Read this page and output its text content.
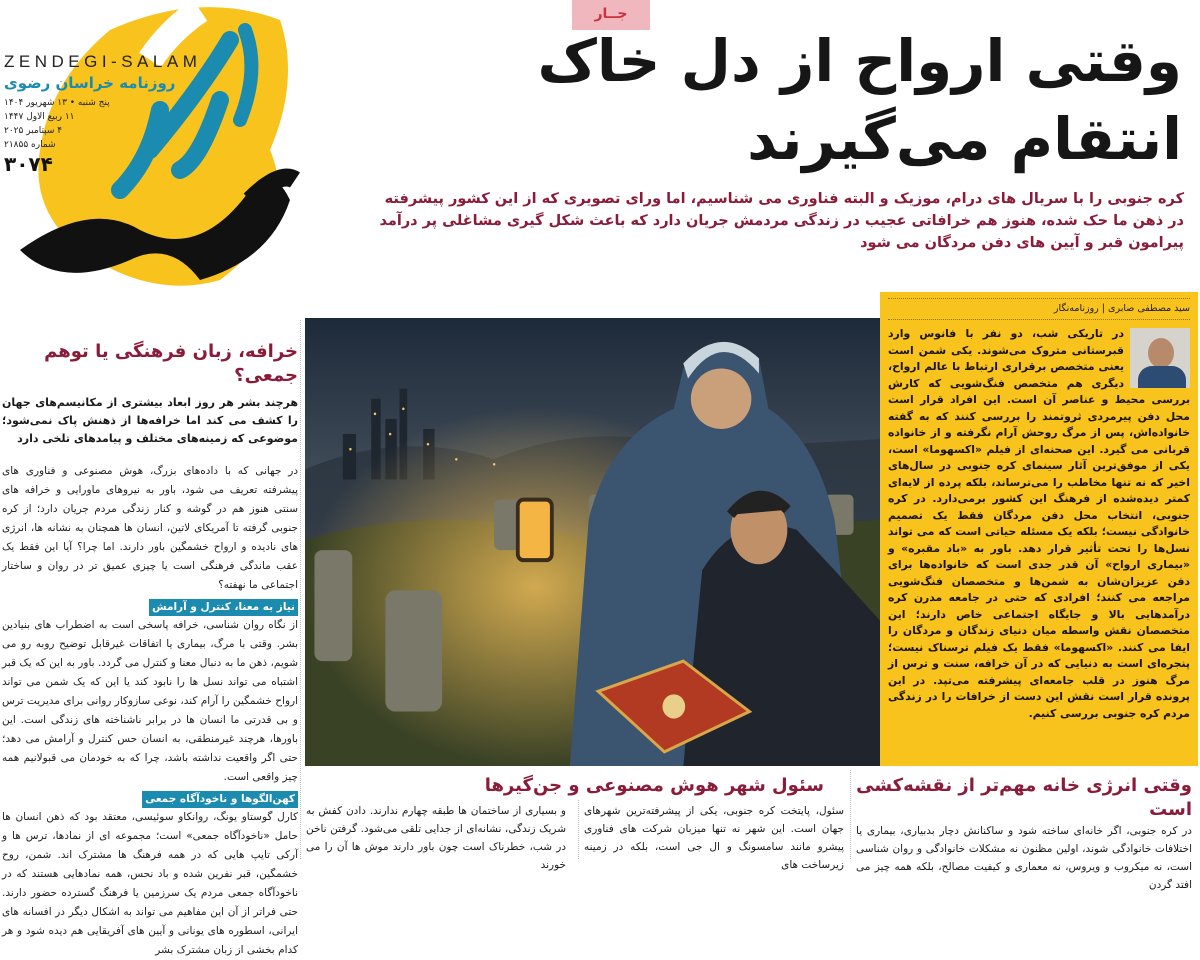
ZENDEGI-SALAM
روزنامه خراسان رضوی
پنج شنبه • ۱۳ شهریور ۱۴۰۴
۱۱ ربیع الاول ۱۴۴۷
۴ سپتامبر ۲۰۲۵
شماره ۲۱۸۵۵
۳۰۷۴
جــار
وقتی ارواح از دل خاک
انتقام می‌گیرند
کره جنوبی را با سریال های درام، موزیک و البته فناوری می شناسیم، اما ورای تصویری که از این کشور پیشرفته در ذهن ما حک شده، هنوز هم خرافاتی عجیب در زندگی مردمش جریان دارد که باعث شکل گیری مشاغلی پر درآمد پیرامون قبر و آیین های دفن مردگان می شود
خرافه، زبان فرهنگی یا توهم جمعی؟
هرچند بشر هر روز ابعاد بیشتری از مکانیسم‌های جهان را کشف می کند اما خرافه‌ها از ذهنش پاک نمی‌شود؛ موضوعی که زمینه‌های مختلف و پیامدهای تلخی دارد
در جهانی که با داده‌های بزرگ، هوش مصنوعی و فناوری های پیشرفته تعریف می شود، باور به نیروهای ماورایی و خرافه های سنتی هنوز هم در گوشه و کنار زندگی مردم جریان دارد؛ از کره جنوبی گرفته تا آمریکای لاتین، انسان ها همچنان به نشانه ها، انرژی های نادیده و ارواح خشمگین باور دارند. اما چرا؟ آیا این فقط یک عقب ماندگی فرهنگی است یا چیزی عمیق تر در روان و ساختار اجتماعی ما نهفته؟
نیاز به معنا، کنترل و آرامش
از نگاه روان شناسی، خرافه پاسخی است به اضطراب های بنیادین بشر. وقتی با مرگ، بیماری یا اتفاقات غیرقابل توضیح روبه رو می شویم، ذهن ما به دنبال معنا و کنترل می گردد. باور به این که یک قبر اشتباه می تواند نسل ها را نابود کند یا این که یک شمن می تواند ارواح خشمگین را آرام کند، نوعی سازوکار روانی برای مدیریت ترس و بی قدرتی ما انسان ها در برابر ناشناخته های زندگی است. این باورها، هرچند غیرمنطقی، به انسان حس کنترل و آرامش می دهد؛ حتی اگر واقعیت نداشته باشد، چرا که به خودمان می قبولانیم همه چیز واقعی است.
کهن‌الگوها و ناخودآگاه جمعی
کارل گوستاو یونگ، روانکاو سوئیسی، معتقد بود که ذهن انسان ها حامل «ناخودآگاه جمعی» است؛ مجموعه ای از نمادها، ترس ها و آرکی تایپ هایی که در همه فرهنگ ها مشترک اند. شمن، روح خشمگین، قبر نفرین شده و باد نحس، همه نمادهایی هستند که در ناخودآگاه جمعی مردم یک سرزمین یا فرهنگ گسترده حضور دارند. حتی فراتر از آن این مفاهیم می تواند به اشکال دیگر در افسانه های ایرانی، اسطوره های یونانی و آیین های آفریقایی هم دیده شود و هر کدام بخشی از زبان مشترک بشر
سید مصطفی صابری | روزنامه‌نگار
در تاریکی شب، دو نفر با فانوس وارد قبرستانی متروک می‌شوند. یکی شمن است یعنی متخصص برقراری ارتباط با عالم ارواح، دیگری هم متخصص فنگ‌شویی که کارش بررسی محیط و عناصر آن است. این افراد قرار است محل دفن پیرمردی ثروتمند را بررسی کنند که به گفته خانواده‌اش، پس از مرگ روحش آرام نگرفته و از خانواده قربانی می گیرد. این صحنه‌ای از فیلم «اکسهوما» است، یکی از موفق‌ترین آثار سینمای کره جنوبی در سال‌های اخیر که نه تنها مخاطب را می‌ترساند، بلکه پرده از لایه‌ای کمتر دیده‌شده از فرهنگ این کشور برمی‌دارد. در کره جنوبی، انتخاب محل دفن مردگان فقط یک تصمیم خانوادگی نیست؛ بلکه یک مسئله حیاتی است که می تواند نسل‌ها را تحت تأثیر قرار دهد. باور به «باد مقبره» و «بیماری ارواح» آن قدر جدی است که خانواده‌ها برای دفن عزیزان‌شان به شمن‌ها و متخصصان فنگ‌شویی مراجعه می کنند؛ افرادی که حتی در جامعه مدرن کره درآمدهایی بالا و جایگاه اجتماعی خاص دارند؛ این متخصصان نقش واسطه میان دنیای زندگان و مردگان را ایفا می کنند. «اکسهوما» فقط یک فیلم ترسناک نیست؛ پنجره‌ای است به دنیایی که در آن خرافه، سنت و ترس از مرگ هنوز در قلب جامعه‌ای پیشرفته می‌تپد. در این پرونده قرار است نقش این دست از خرافات را در زندگی مردم کره جنوبی بررسی کنیم.
وقتی انرژی خانه مهم‌تر از نقشه‌کشی است
در کره جنوبی، اگر خانه‌ای ساخته شود و ساکنانش دچار بدبیاری، بیماری یا اختلافات خانوادگی شوند، اولین مظنون نه مشکلات خانوادگی و روان شناسی است، نه میکروب و ویروس، نه معماری و کیفیت مصالح، بلکه همه چیز می افتد گردن
سئول شهر هوش مصنوعی و جن‌گیرها
سئول، پایتخت کره جنوبی، یکی از پیشرفته‌ترین شهرهای جهان است. این شهر نه تنها میزبان شرکت های فناوری پیشرو مانند سامسونگ و ال جی است، بلکه در زمینه زیرساخت های
و بسیاری از ساختمان ها طبقه چهارم ندارند. دادن کفش به شریک زندگی، نشانه‌ای از جدایی تلقی می‌شود. گرفتن ناخن در شب، خطرناک است چون باور دارند موش ها آن را می خورند
